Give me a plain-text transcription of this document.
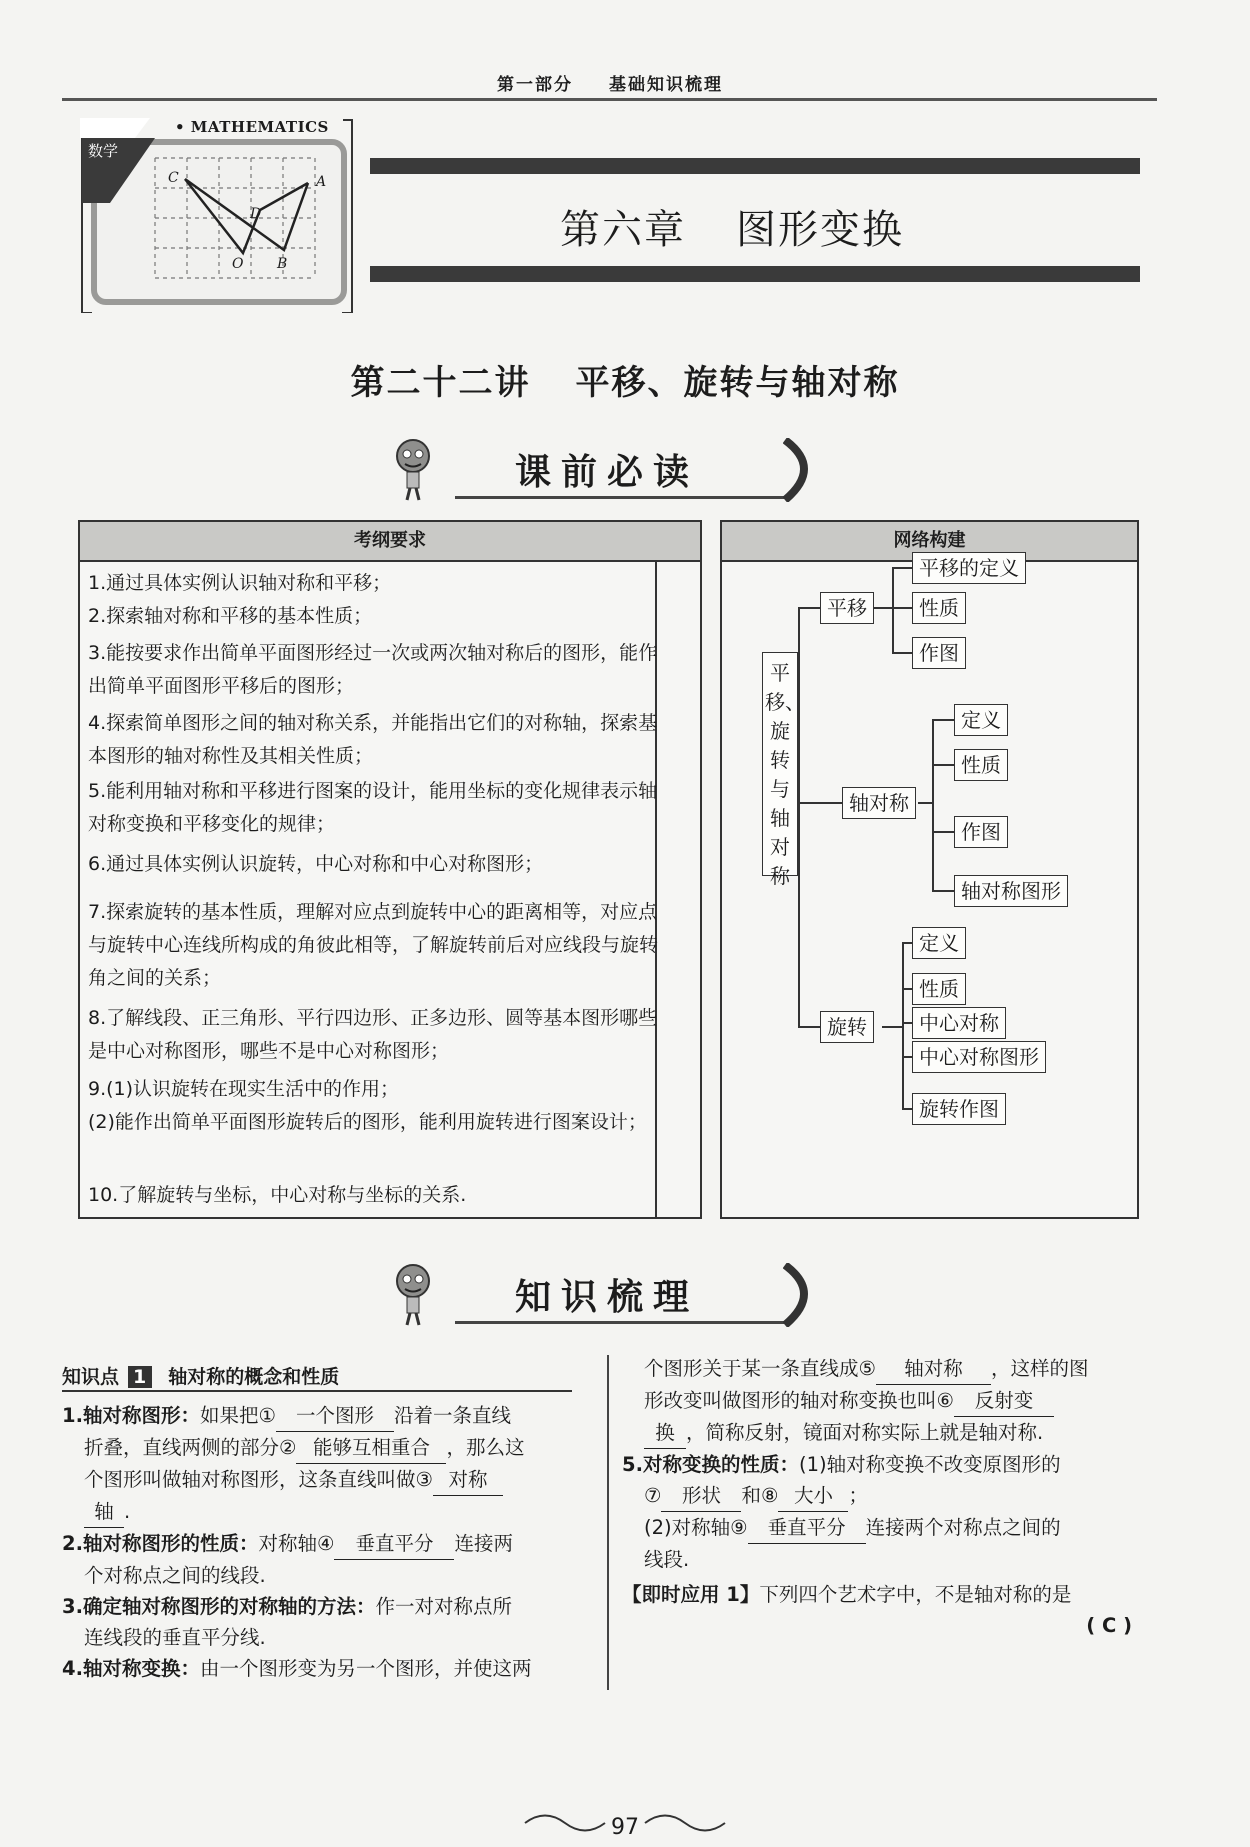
第一部分 基础知识梳理
• MATHEMATICS
数学
C	A
D
O B
第六章 图形变换
第二十二讲 平移、旋转与轴对称
课前必读
考纲要求
1.通过具体实例认识轴对称和平移；
2.探索轴对称和平移的基本性质；
3.能按要求作出简单平面图形经过一次或两次轴对称后的图形，能作出简单平面图形平移后的图形；
4.探索简单图形之间的轴对称关系，并能指出它们的对称轴，探索基本图形的轴对称性及其相关性质；
5.能利用轴对称和平移进行图案的设计，能用坐标的变化规律表示轴对称变换和平移变化的规律；
6.通过具体实例认识旋转，中心对称和中心对称图形；
7.探索旋转的基本性质，理解对应点到旋转中心的距离相等，对应点与旋转中心连线所构成的角彼此相等，了解旋转前后对应线段与旋转角之间的关系；
8.了解线段、正三角形、平行四边形、正多边形、圆等基本图形哪些是中心对称图形，哪些不是中心对称图形；
9.(1)认识旋转在现实生活中的作用；
(2)能作出简单平面图形旋转后的图形，能利用旋转进行图案设计；
10.了解旋转与坐标，中心对称与坐标的关系.
网络构建
平移、旋转与轴对称
平移
平移的定义
性质
作图
轴对称
定义
性质
作图
轴对称图形
旋转
定义
性质
中心对称
中心对称图形
旋转作图
知识梳理
知识点 1 轴对称的概念和性质
1.轴对称图形：如果把① 一个图形 沿着一条直线
折叠，直线两侧的部分② 能够互相重合 ，那么这
个图形叫做轴对称图形，这条直线叫做③ 对称
轴 .
2.轴对称图形的性质：对称轴④ 垂直平分 连接两
个对称点之间的线段.
3.确定轴对称图形的对称轴的方法：作一对对称点所
连线段的垂直平分线.
4.轴对称变换：由一个图形变为另一个图形，并使这两
个图形关于某一条直线成⑤ 轴对称 ，这样的图
形改变叫做图形的轴对称变换也叫⑥ 反射变
换 ，简称反射，镜面对称实际上就是轴对称.
5.对称变换的性质：(1)轴对称变换不改变原图形的
⑦ 形状 和⑧ 大小 ；
(2)对称轴⑨ 垂直平分 连接两个对称点之间的
线段.
【即时应用 1】下列四个艺术字中，不是轴对称的是
( C )
97
